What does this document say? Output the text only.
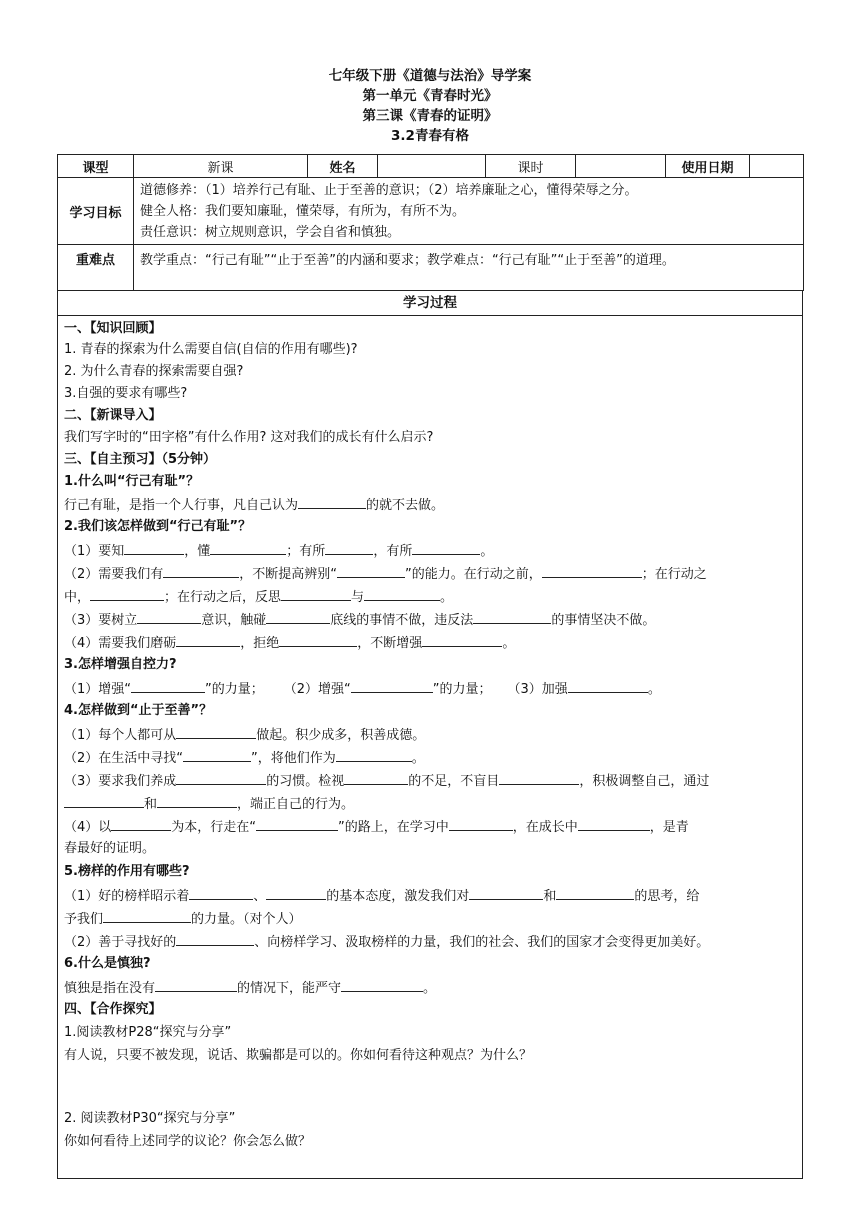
七年级下册《道德与法治》导学案
第一单元《青春时光》
第三课《青春的证明》
3.2青春有格
课型	新课	姓名		课时		使用日期	
学习目标	道德修养：（1）培养行己有耻、止于至善的意识；（2）培养廉耻之心，懂得荣辱之分。
健全人格：我们要知廉耻，懂荣辱，有所为，有所不为。
责任意识：树立规则意识，学会自省和慎独。						

重难点	教学重点：“行己有耻”“止于至善”的内涵和要求；教学难点：“行己有耻”“止于至善”的道理。						
学习过程
一、【知识回顾】
1. 青春的探索为什么需要自信(自信的作用有哪些)?
2. 为什么青春的探索需要自强?
3.自强的要求有哪些?
二、【新课导入】
我们写字时的“田字格”有什么作用? 这对我们的成长有什么启示?
三、【自主预习】（5分钟）
1.什么叫“行己有耻”？
行己有耻，是指一个人行事，凡自己认为	的就不去做。
2.我们该怎样做到“行己有耻”？
（1）要知	，懂	；有所	，有所	。
（2）需要我们有	，不断提高辨别“	”的能力。在行动之前，	；在行动之
中，	；在行动之后，反思	与	。
（3）要树立	意识，触碰	底线的事情不做，违反法	的事情坚决不做。
（4）需要我们磨砺	，拒绝	，不断增强	。
3.怎样增强自控力?
（1）增强“	”的力量； （2）增强“	”的力量； （3）加强	。
4.怎样做到“止于至善”？
（1）每个人都可从	做起。积少成多，积善成德。
（2）在生活中寻找“	”，将他们作为	。
（3）要求我们养成	的习惯。检视	的不足，不盲目	，积极调整自己，通过
和	，端正自己的行为。
（4）以	为本，行走在“	”的路上，在学习中	，在成长中	，是青
春最好的证明。
5.榜样的作用有哪些?
（1）好的榜样昭示着	、	的基本态度，激发我们对	和	的思考，给
予我们	的力量。（对个人）
（2）善于寻找好的	、向榜样学习、汲取榜样的力量，我们的社会、我们的国家才会变得更加美好。
6.什么是慎独?
慎独是指在没有	的情况下，能严守	。
四、【合作探究】
1.阅读教材P28“探究与分享”
有人说，只要不被发现，说话、欺骗都是可以的。你如何看待这种观点？为什么？
2. 阅读教材P30“探究与分享”
你如何看待上述同学的议论？你会怎么做？
